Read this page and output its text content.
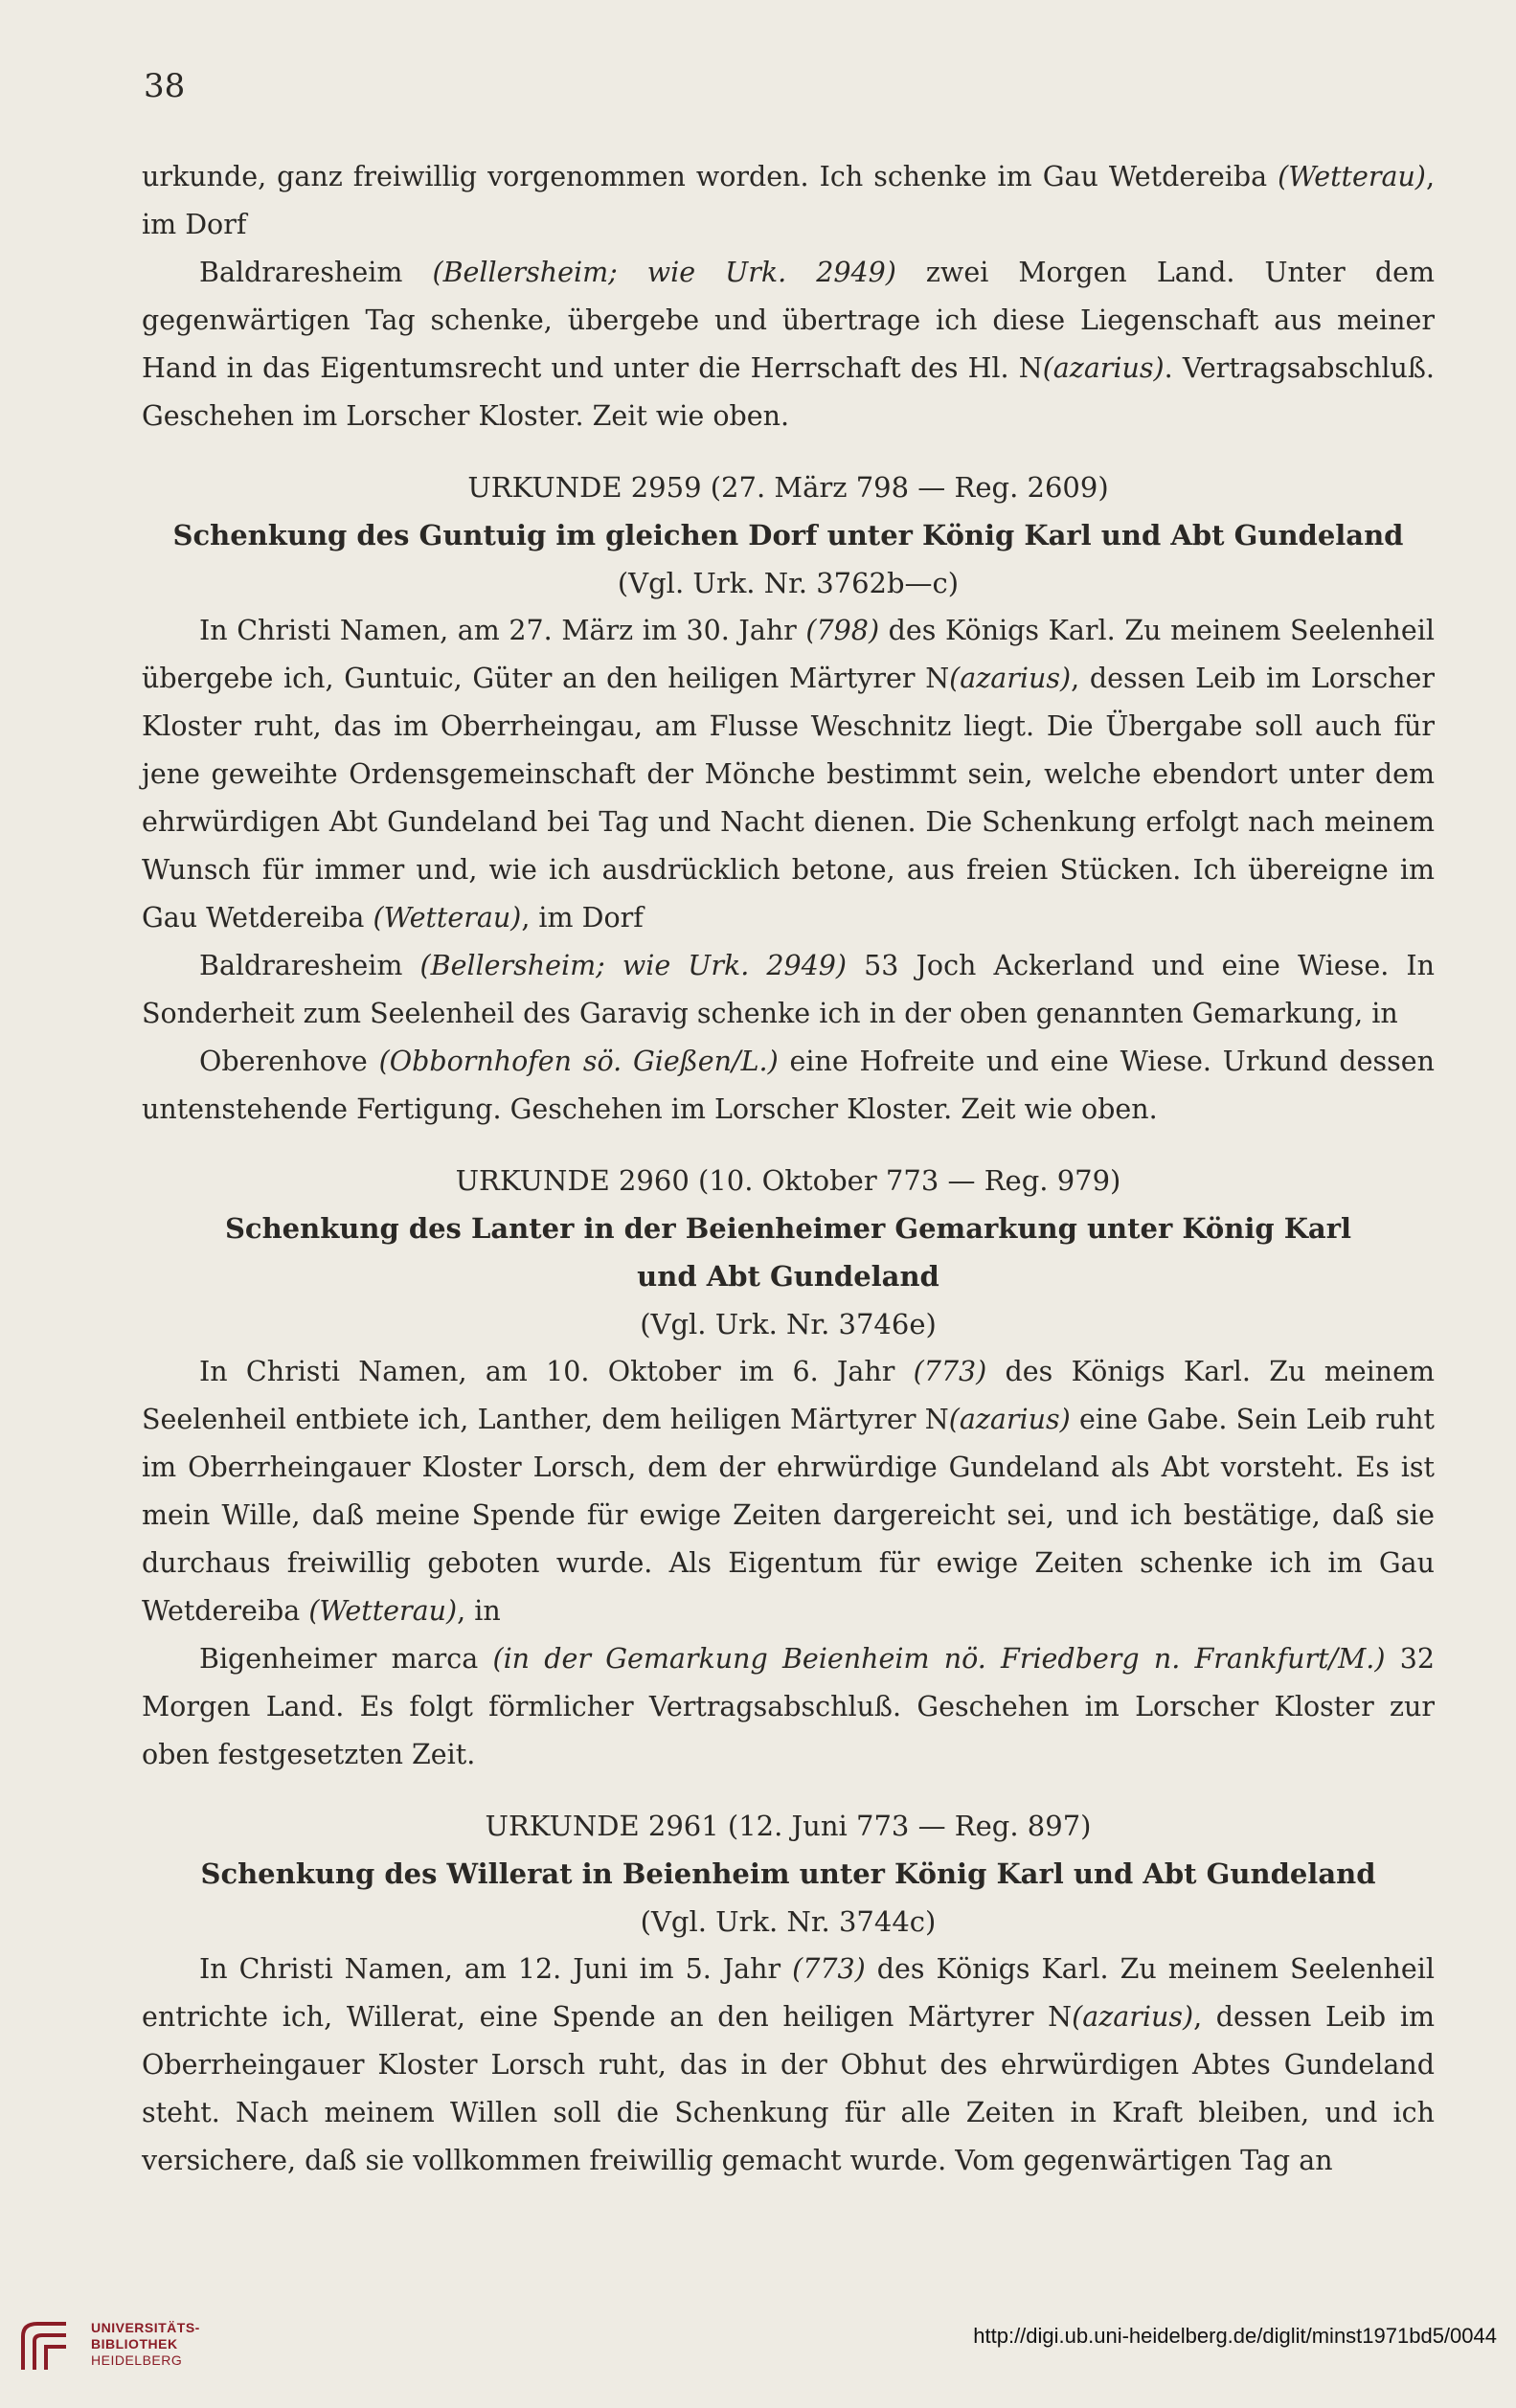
38

urkunde, ganz freiwillig vorgenommen worden. Ich schenke im Gau Wetdereiba (Wetterau), im Dorf

Baldraresheim (Bellersheim; wie Urk. 2949) zwei Morgen Land. Unter dem gegenwärtigen Tag schenke, übergebe und übertrage ich diese Liegenschaft aus meiner Hand in das Eigentumsrecht und unter die Herrschaft des Hl. N(azarius). Vertragsabschluß. Geschehen im Lorscher Kloster. Zeit wie oben.

URKUNDE 2959 (27. März 798 — Reg. 2609)

Schenkung des Guntuig im gleichen Dorf unter König Karl und Abt Gundeland

(Vgl. Urk. Nr. 3762b—c)

In Christi Namen, am 27. März im 30. Jahr (798) des Königs Karl. Zu meinem Seelenheil übergebe ich, Guntuic, Güter an den heiligen Märtyrer N(azarius), dessen Leib im Lorscher Kloster ruht, das im Oberrheingau, am Flusse Weschnitz liegt. Die Übergabe soll auch für jene geweihte Ordensgemeinschaft der Mönche bestimmt sein, welche ebendort unter dem ehrwürdigen Abt Gundeland bei Tag und Nacht dienen. Die Schenkung erfolgt nach meinem Wunsch für immer und, wie ich ausdrücklich betone, aus freien Stücken. Ich übereigne im Gau Wetdereiba (Wetterau), im Dorf

Baldraresheim (Bellersheim; wie Urk. 2949) 53 Joch Ackerland und eine Wiese. In Sonderheit zum Seelenheil des Garavig schenke ich in der oben genannten Gemarkung, in

Oberenhove (Obbornhofen sö. Gießen/L.) eine Hofreite und eine Wiese. Urkund dessen untenstehende Fertigung. Geschehen im Lorscher Kloster. Zeit wie oben.

URKUNDE 2960 (10. Oktober 773 — Reg. 979)

Schenkung des Lanter in der Beienheimer Gemarkung unter König Karl

und Abt Gundeland

(Vgl. Urk. Nr. 3746e)

In Christi Namen, am 10. Oktober im 6. Jahr (773) des Königs Karl. Zu meinem Seelenheil entbiete ich, Lanther, dem heiligen Märtyrer N(azarius) eine Gabe. Sein Leib ruht im Oberrheingauer Kloster Lorsch, dem der ehrwürdige Gundeland als Abt vorsteht. Es ist mein Wille, daß meine Spende für ewige Zeiten dargereicht sei, und ich bestätige, daß sie durchaus freiwillig geboten wurde. Als Eigentum für ewige Zeiten schenke ich im Gau Wetdereiba (Wetterau), in

Bigenheimer marca (in der Gemarkung Beienheim nö. Friedberg n. Frankfurt/M.) 32 Morgen Land. Es folgt förmlicher Vertragsabschluß. Geschehen im Lorscher Kloster zur oben festgesetzten Zeit.

URKUNDE 2961 (12. Juni 773 — Reg. 897)

Schenkung des Willerat in Beienheim unter König Karl und Abt Gundeland

(Vgl. Urk. Nr. 3744c)

In Christi Namen, am 12. Juni im 5. Jahr (773) des Königs Karl. Zu meinem Seelenheil entrichte ich, Willerat, eine Spende an den heiligen Märtyrer N(azarius), dessen Leib im Oberrheingauer Kloster Lorsch ruht, das in der Obhut des ehrwürdigen Abtes Gundeland steht. Nach meinem Willen soll die Schenkung für alle Zeiten in Kraft bleiben, und ich versichere, daß sie vollkommen freiwillig gemacht wurde. Vom gegenwärtigen Tag an

UNIVERSITÄTS-
BIBLIOTHEK

HEIDELBERG
http://digi.ub.uni-heidelberg.de/diglit/minst1971bd5/0044
